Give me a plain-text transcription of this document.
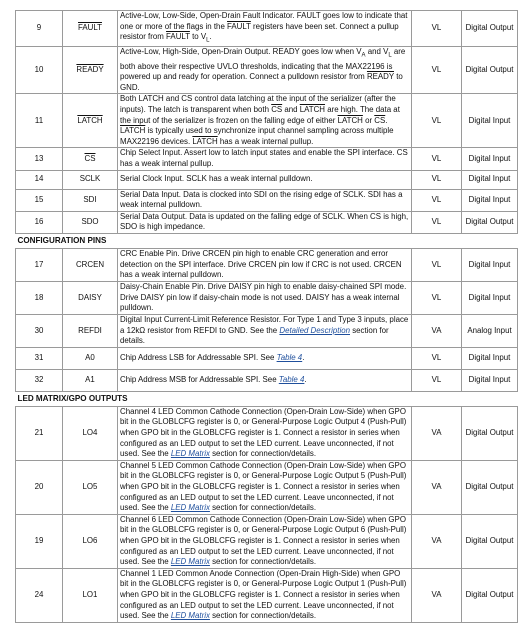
9	FAULT	Active-Low, Low-Side, Open-Drain Fault Indicator. FAULT goes low to indicate that one or more of the flags in the FAULT registers have been set. Connect a pullup resistor from FAULT to $V_L$.	VL	Digital Output
10	READY	Active-Low, High-Side, Open-Drain Output. READY goes low when $V_A$ and $V_L$ are both above their respective UVLO thresholds, indicating that the MAX22196 is powered up and ready for operation. Connect a pulldown resistor from READY to GND.	VL	Digital Output
11	LATCH	Both LATCH and $\overline{CS}$ control data latching at the input of the serializer (after the inputs). The latch is transparent when both $\overline{CS}$ and LATCH are high. The data at the input of the serializer is frozen on the falling edge of either LATCH or $\overline{CS}$. LATCH is typically used to synchronize input channel sampling across multiple MAX22196 devices. LATCH has a weak internal pullup.	VL	Digital Input
13	$\overline{CS}$	Chip Select Input. Assert low to latch input states and enable the SPI interface. $\overline{CS}$ has a weak internal pullup.	VL	Digital Input
14	SCLK	Serial Clock Input. SCLK has a weak internal pulldown.	VL	Digital Input
15	SDI	Serial Data Input. Data is clocked into SDI on the rising edge of SCLK. SDI has a weak internal pulldown.	VL	Digital Input
16	SDO	Serial Data Output. Data is updated on the falling edge of SCLK. When $\overline{CS}$ is high, SDO is high impedance.	VL	Digital Output
CONFIGURATION PINS				
17	CRCEN	CRC Enable Pin. Drive CRCEN pin high to enable CRC generation and error detection on the SPI interface. Drive CRCEN pin low if CRC is not used. CRCEN has a weak internal pulldown.	VL	Digital Input
18	DAISY	Daisy-Chain Enable Pin. Drive DAISY pin high to enable daisy-chained SPI mode. Drive DAISY pin low if daisy-chain mode is not used. DAISY has a weak internal pulldown.	VL	Digital Input
30	REFDI	Digital Input Current-Limit Reference Resistor. For Type 1 and Type 3 inputs, place a 12kΩ resistor from REFDI to GND. See the Detailed Description section for details.	VA	Analog Input
31	A0	Chip Address LSB for Addressable SPI. See Table 4.	VL	Digital Input
32	A1	Chip Address MSB for Addressable SPI. See Table 4.	VL	Digital Input
LED MATRIX/GPO OUTPUTS				
21	LO4	Channel 4 LED Common Cathode Connection (Open-Drain Low-Side) when GPO bit in the GLOBLCFG register is 0, or General-Purpose Logic Output 4 (Push-Pull) when GPO bit in the GLOBLCFG register is 1. Connect a resistor in series when configured as an LED output to set the LED current. Leave unconnected, if not used. See the LED Matrix section for connection/details.	VA	Digital Output
20	LO5	Channel 5 LED Common Cathode Connection (Open-Drain Low-Side) when GPO bit in the GLOBLCFG register is 0, or General-Purpose Logic Output 5 (Push-Pull) when GPO bit in the GLOBLCFG register is 1. Connect a resistor in series when configured as an LED output to set the LED current. Leave unconnected, if not used. See the LED Matrix section for connection/details.	VA	Digital Output
19	LO6	Channel 6 LED Common Cathode Connection (Open-Drain Low-Side) when GPO bit in the GLOBLCFG register is 0, or General-Purpose Logic Output 6 (Push-Pull) when GPO bit in the GLOBLCFG register is 1. Connect a resistor in series when configured as an LED output to set the LED current. Leave unconnected, if not used. See the LED Matrix section for connection/details.	VA	Digital Output
24	LO1	Channel 1 LED Common Anode Connection (Open-Drain High-Side) when GPO bit in the GLOBLCFG register is 0, or General-Purpose Logic Output 1 (Push-Pull) when GPO bit in the GLOBLCFG register is 1. Connect a resistor in series when configured as an LED output to set the LED current. Leave unconnected, if not used. See the LED Matrix section for connection/details.	VA	Digital Output
